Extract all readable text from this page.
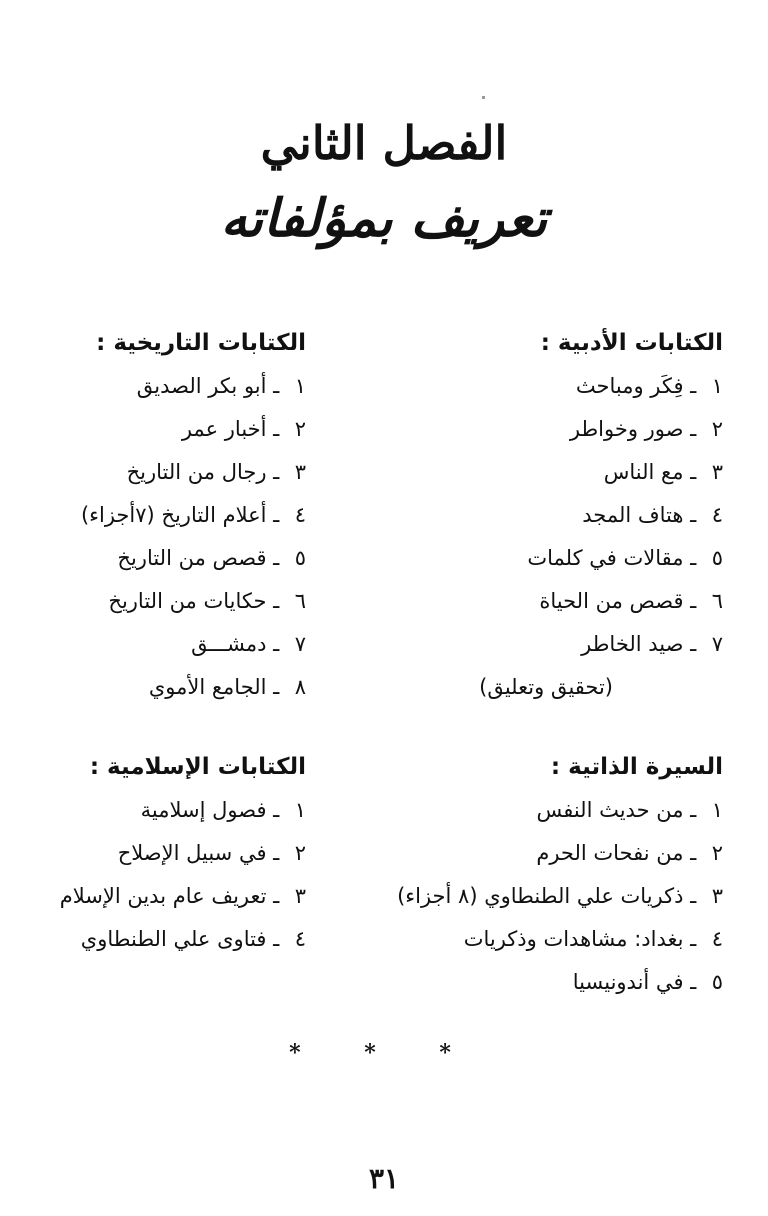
الفصل الثاني
تعريف بمؤلفاته
الكتابات الأدبية :
١ ـ فِكَر ومباحث
٢ ـ صور وخواطر
٣ ـ مع الناس
٤ ـ هتاف المجد
٥ ـ مقالات في كلمات
٦ ـ قصص من الحياة
٧ ـ صيد الخاطر
(تحقيق وتعليق)
السيرة الذاتية :
١ ـ من حديث النفس
٢ ـ من نفحات الحرم
٣ ـ ذكريات علي الطنطاوي (٨ أجزاء)
٤ ـ بغداد: مشاهدات وذكريات
٥ ـ في أندونيسيا
الكتابات التاريخية :
١ ـ أبو بكر الصديق
٢ ـ أخبار عمر
٣ ـ رجال من التاريخ
٤ ـ أعلام التاريخ (٧أجزاء)
٥ ـ قصص من التاريخ
٦ ـ حكايات من التاريخ
٧ ـ دمشـــق
٨ ـ الجامع الأموي
الكتابات الإسلامية :
١ ـ فصول إسلامية
٢ ـ في سبيل الإصلاح
٣ ـ تعريف عام بدين الإسلام
٤ ـ فتاوى علي الطنطاوي
* * *
٣١
